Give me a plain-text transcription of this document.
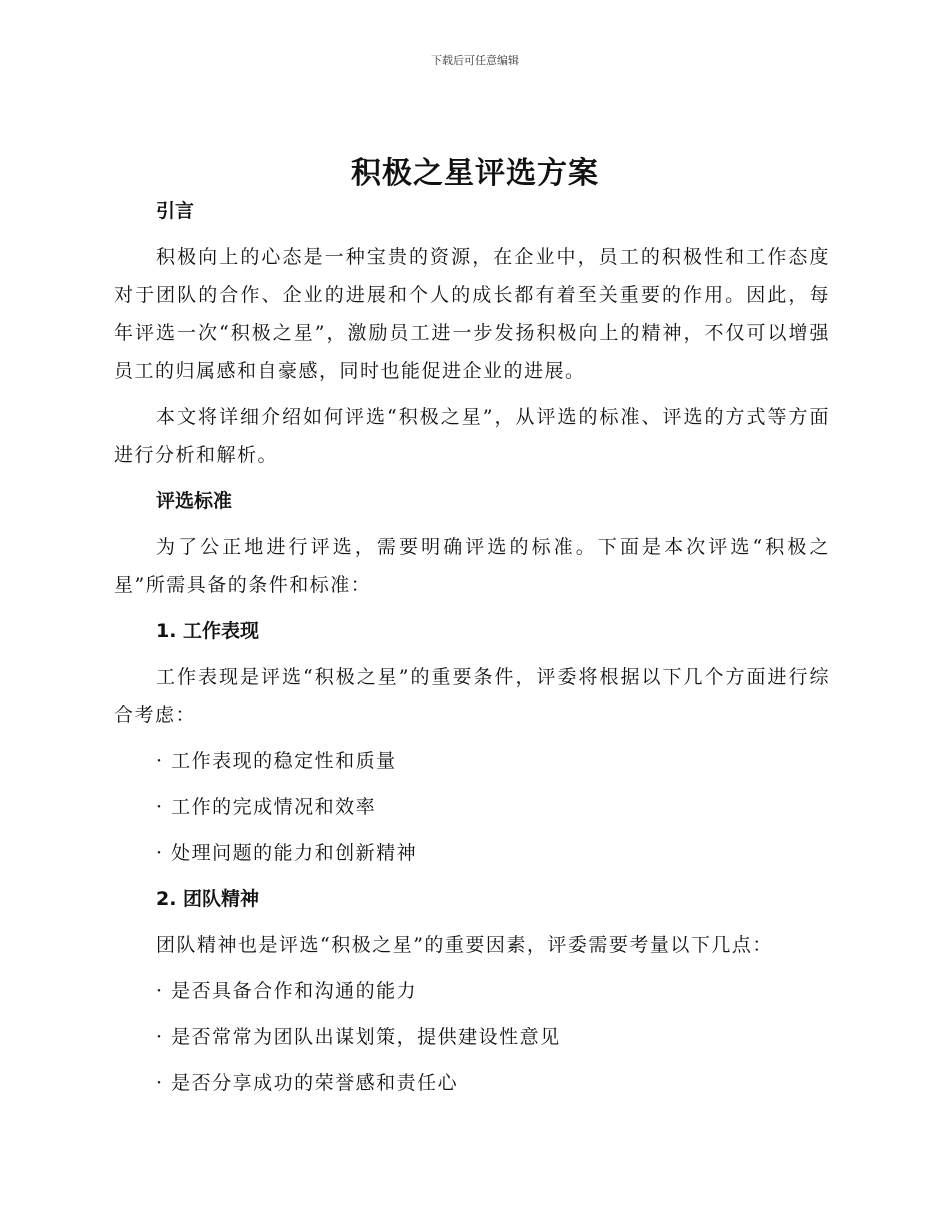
下载后可任意编辑
积极之星评选方案
引言

积极向上的心态是一种宝贵的资源，在企业中，员工的积极性和工作态度对于团队的合作、企业的进展和个人的成长都有着至关重要的作用。因此，每年评选一次“积极之星”，激励员工进一步发扬积极向上的精神，不仅可以增强员工的归属感和自豪感，同时也能促进企业的进展。

本文将详细介绍如何评选“积极之星”，从评选的标准、评选的方式等方面进行分析和解析。

评选标准

为了公正地进行评选，需要明确评选的标准。下面是本次评选“积极之星”所需具备的条件和标准：

1. 工作表现

工作表现是评选“积极之星”的重要条件，评委将根据以下几个方面进行综合考虑：

· 工作表现的稳定性和质量
· 工作的完成情况和效率
· 处理问题的能力和创新精神
2. 团队精神

团队精神也是评选“积极之星”的重要因素，评委需要考量以下几点：

· 是否具备合作和沟通的能力
· 是否常常为团队出谋划策，提供建设性意见
· 是否分享成功的荣誉感和责任心
